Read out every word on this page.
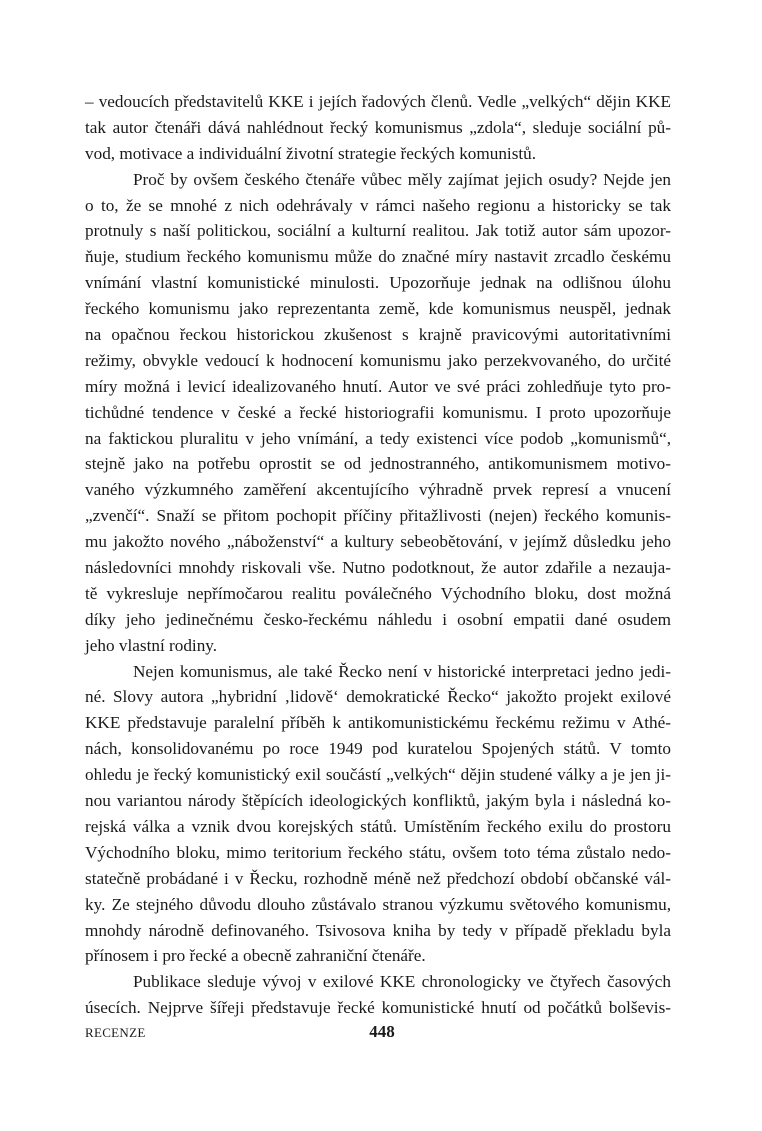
– vedoucích představitelů KKE i jejích řadových členů. Vedle „velkých“ dějin KKE
tak autor čtenáři dává nahlédnout řecký komunismus „zdola“, sleduje sociální pů-
vod, motivace a individuální životní strategie řeckých komunistů.
Proč by ovšem českého čtenáře vůbec měly zajímat jejich osudy? Nejde jen
o to, že se mnohé z nich odehrávaly v rámci našeho regionu a historicky se tak
protnuly s naší politickou, sociální a kulturní realitou. Jak totiž autor sám upozor-
ňuje, studium řeckého komunismu může do značné míry nastavit zrcadlo českému
vnímání vlastní komunistické minulosti. Upozorňuje jednak na odlišnou úlohu
řeckého komunismu jako reprezentanta země, kde komunismus neuspěl, jednak
na opačnou řeckou historickou zkušenost s krajně pravicovými autoritativními
režimy, obvykle vedoucí k hodnocení komunismu jako perzekvovaného, do určité
míry možná i levicí idealizovaného hnutí. Autor ve své práci zohledňuje tyto pro-
tichůdné tendence v české a řecké historiografii komunismu. I proto upozorňuje
na faktickou pluralitu v jeho vnímání, a tedy existenci více podob „komunismů“,
stejně jako na potřebu oprostit se od jednostranného, antikomunismem motivo-
vaného výzkumného zaměření akcentujícího výhradně prvek represí a vnucení
„zvenčí“. Snaží se přitom pochopit příčiny přitažlivosti (nejen) řeckého komunis-
mu jakožto nového „náboženství“ a kultury sebeobětování, v jejímž důsledku jeho
následovníci mnohdy riskovali vše. Nutno podotknout, že autor zdařile a nezauja-
tě vykresluje nepřímočarou realitu poválečného Východního bloku, dost možná
díky jeho jedinečnému česko-řeckému náhledu i osobní empatii dané osudem
jeho vlastní rodiny.
Nejen komunismus, ale také Řecko není v historické interpretaci jedno jedi-
né. Slovy autora „hybridní ‚lidově‘ demokratické Řecko“ jakožto projekt exilové
KKE představuje paralelní příběh k antikomunistickému řeckému režimu v Athé-
nách, konsolidovanému po roce 1949 pod kuratelou Spojených států. V tomto
ohledu je řecký komunistický exil součástí „velkých“ dějin studené války a je jen ji-
nou variantou národy štěpících ideologických konfliktů, jakým byla i následná ko-
rejská válka a vznik dvou korejských států. Umístěním řeckého exilu do prostoru
Východního bloku, mimo teritorium řeckého státu, ovšem toto téma zůstalo nedo-
statečně probádané i v Řecku, rozhodně méně než předchozí období občanské vál-
ky. Ze stejného důvodu dlouho zůstávalo stranou výzkumu světového komunismu,
mnohdy národně definovaného. Tsivosova kniha by tedy v případě překladu byla
přínosem i pro řecké a obecně zahraniční čtenáře.
Publikace sleduje vývoj v exilové KKE chronologicky ve čtyřech časových
úsecích. Nejprve šířeji představuje řecké komunistické hnutí od počátků bolševis-
RECENZE	448
